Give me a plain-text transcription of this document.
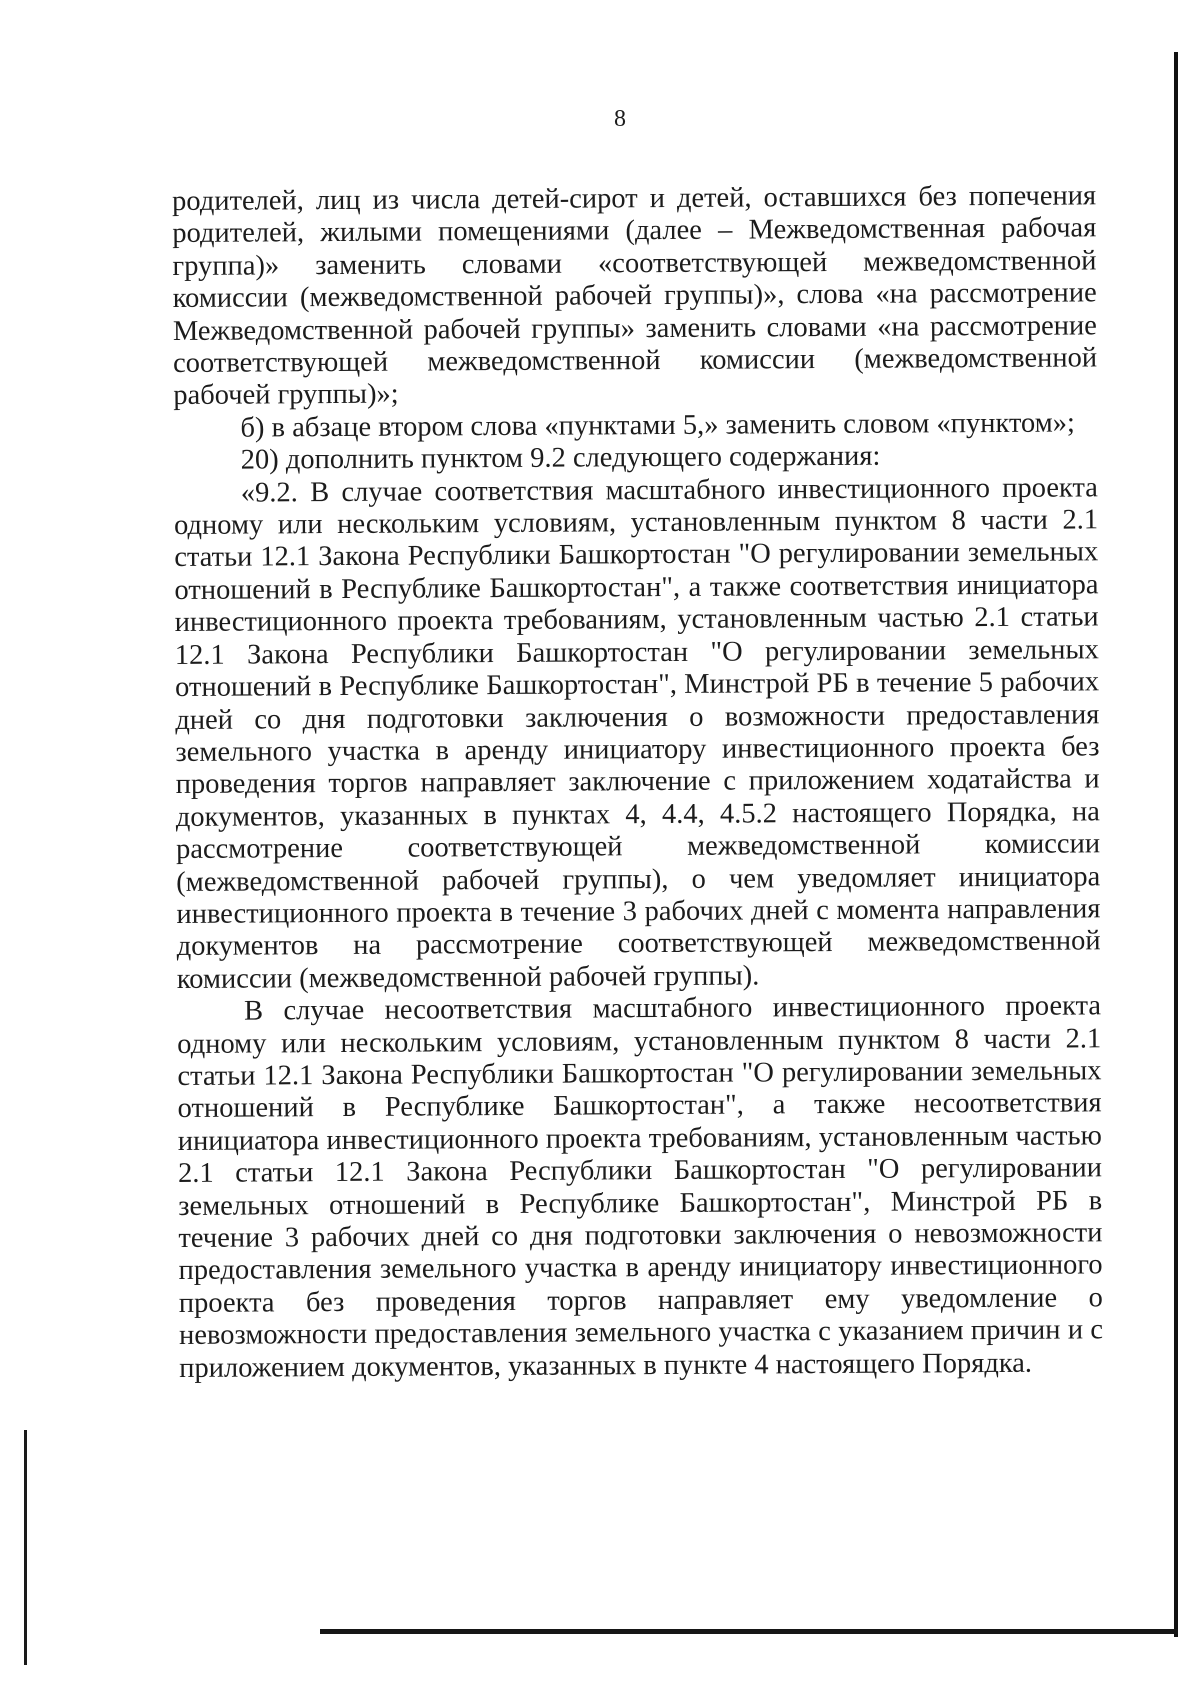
8

родителей, лиц из числа детей-сирот и детей, оставшихся без попечения родителей, жилыми помещениями (далее – Межведомственная рабочая группа)» заменить словами «соответствующей межведомственной комиссии (межведомственной рабочей группы)», слова «на рассмотрение Межведомственной рабочей группы» заменить словами «на рассмотрение соответствующей межведомственной комиссии (межведомственной рабочей группы)»;

б) в абзаце втором слова «пунктами 5,» заменить словом «пунктом»;

20) дополнить пунктом 9.2 следующего содержания:

«9.2. В случае соответствия масштабного инвестиционного проекта одному или нескольким условиям, установленным пунктом 8 части 2.1 статьи 12.1 Закона Республики Башкортостан "О регулировании земельных отношений в Республике Башкортостан", а также соответствия инициатора инвестиционного проекта требованиям, установленным частью 2.1 статьи 12.1 Закона Республики Башкортостан "О регулировании земельных отношений в Республике Башкортостан", Минстрой РБ в течение 5 рабочих дней со дня подготовки заключения о возможности предоставления земельного участка в аренду инициатору инвестиционного проекта без проведения торгов направляет заключение с приложением ходатайства и документов, указанных в пунктах 4, 4.4, 4.5.2 настоящего Порядка, на рассмотрение соответствующей межведомственной комиссии (межведомственной рабочей группы), о чем уведомляет инициатора инвестиционного проекта в течение 3 рабочих дней с момента направления документов на рассмотрение соответствующей межведомственной комиссии (межведомственной рабочей группы).

В случае несоответствия масштабного инвестиционного проекта одному или нескольким условиям, установленным пунктом 8 части 2.1 статьи 12.1 Закона Республики Башкортостан "О регулировании земельных отношений в Республике Башкортостан", а также несоответствия инициатора инвестиционного проекта требованиям, установленным частью 2.1 статьи 12.1 Закона Республики Башкортостан "О регулировании земельных отношений в Республике Башкортостан", Минстрой РБ в течение 3 рабочих дней со дня подготовки заключения о невозможности предоставления земельного участка в аренду инициатору инвестиционного проекта без проведения торгов направляет ему уведомление о невозможности предоставления земельного участка с указанием причин и с приложением документов, указанных в пункте 4 настоящего Порядка.
